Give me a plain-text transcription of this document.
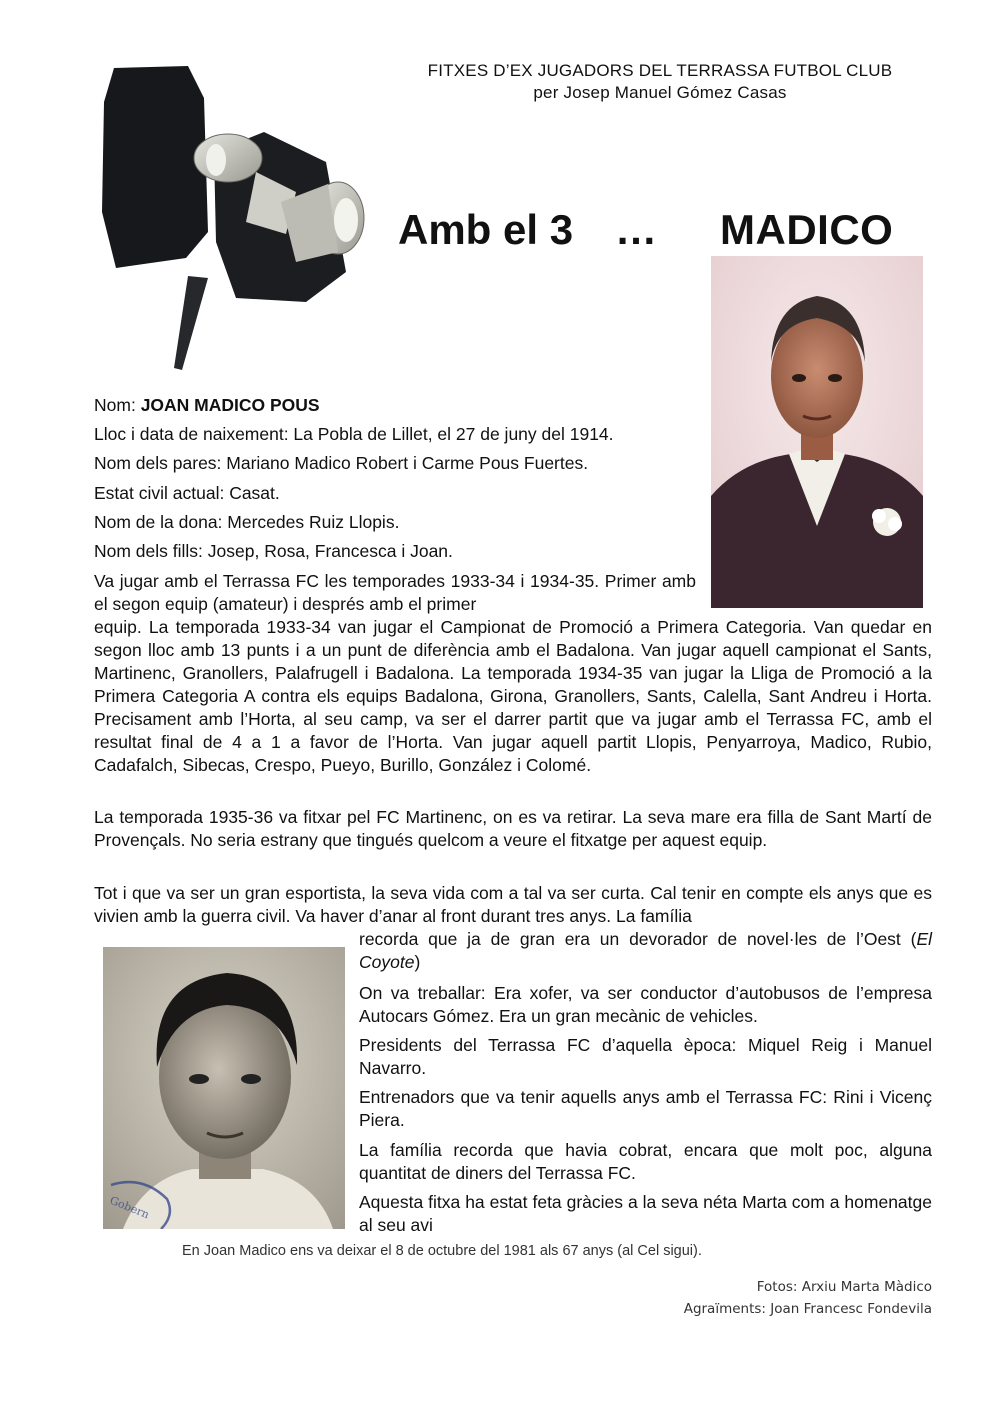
FITXES D’EX JUGADORS DEL TERRASSA FUTBOL CLUB
per Josep Manuel Gómez Casas
Amb el 3 … MADICO
Nom: JOAN MADICO POUS
Lloc i data de naixement: La Pobla de Lillet, el 27 de juny del 1914.
Nom dels pares: Mariano Madico Robert i Carme Pous Fuertes.
Estat civil actual: Casat.
Nom de la dona: Mercedes Ruiz Llopis.
Nom dels fills: Josep, Rosa, Francesca i Joan.
Va jugar amb el Terrassa FC les temporades 1933-34 i 1934-35. Primer amb el segon equip (amateur) i després amb el primer
equip. La temporada 1933-34 van jugar el Campionat de Promoció a Primera Categoria. Van quedar en segon lloc amb 13 punts i a un punt de diferència amb el Badalona. Van jugar aquell campionat el Sants, Martinenc, Granollers, Palafrugell i Badalona. La temporada 1934-35 van jugar la Lliga de Promoció a la Primera Categoria A contra els equips Badalona, Girona, Granollers, Sants, Calella, Sant Andreu i Horta. Precisament amb l’Horta, al seu camp, va ser el darrer partit que va jugar amb el Terrassa FC, amb el resultat final de 4 a 1 a favor de l’Horta. Van jugar aquell partit Llopis, Penyarroya, Madico, Rubio, Cadafalch, Sibecas, Crespo, Pueyo, Burillo, González i Colomé.
La temporada 1935-36 va fitxar pel FC Martinenc, on es va retirar. La seva mare era filla de Sant Martí de Provençals. No seria estrany que tingués quelcom a veure el fitxatge per aquest equip.
Tot i que va ser un gran esportista, la seva vida com a tal va ser curta. Cal tenir en compte els anys que es vivien amb la guerra civil. Va haver d’anar al front durant tres anys. La família
recorda que ja de gran era un devorador de novel·les de l’Oest (El Coyote)
On va treballar: Era xofer, va ser conductor d’autobusos de l’empresa Autocars Gómez. Era un gran mecànic de vehicles.
Presidents del Terrassa FC d’aquella època: Miquel Reig i Manuel Navarro.
Entrenadors que va tenir aquells anys amb el Terrassa FC: Rini i Vicenç Piera.
La família recorda que havia cobrat, encara que molt poc, alguna quantitat de diners del Terrassa FC.
Aquesta fitxa ha estat feta gràcies a la seva néta Marta com a homenatge al seu avi
Gobern
En Joan Madico ens va deixar el 8 de octubre del 1981 als 67 anys (al Cel sigui).
Fotos: Arxiu Marta Màdico
Agraïments: Joan Francesc Fondevila
